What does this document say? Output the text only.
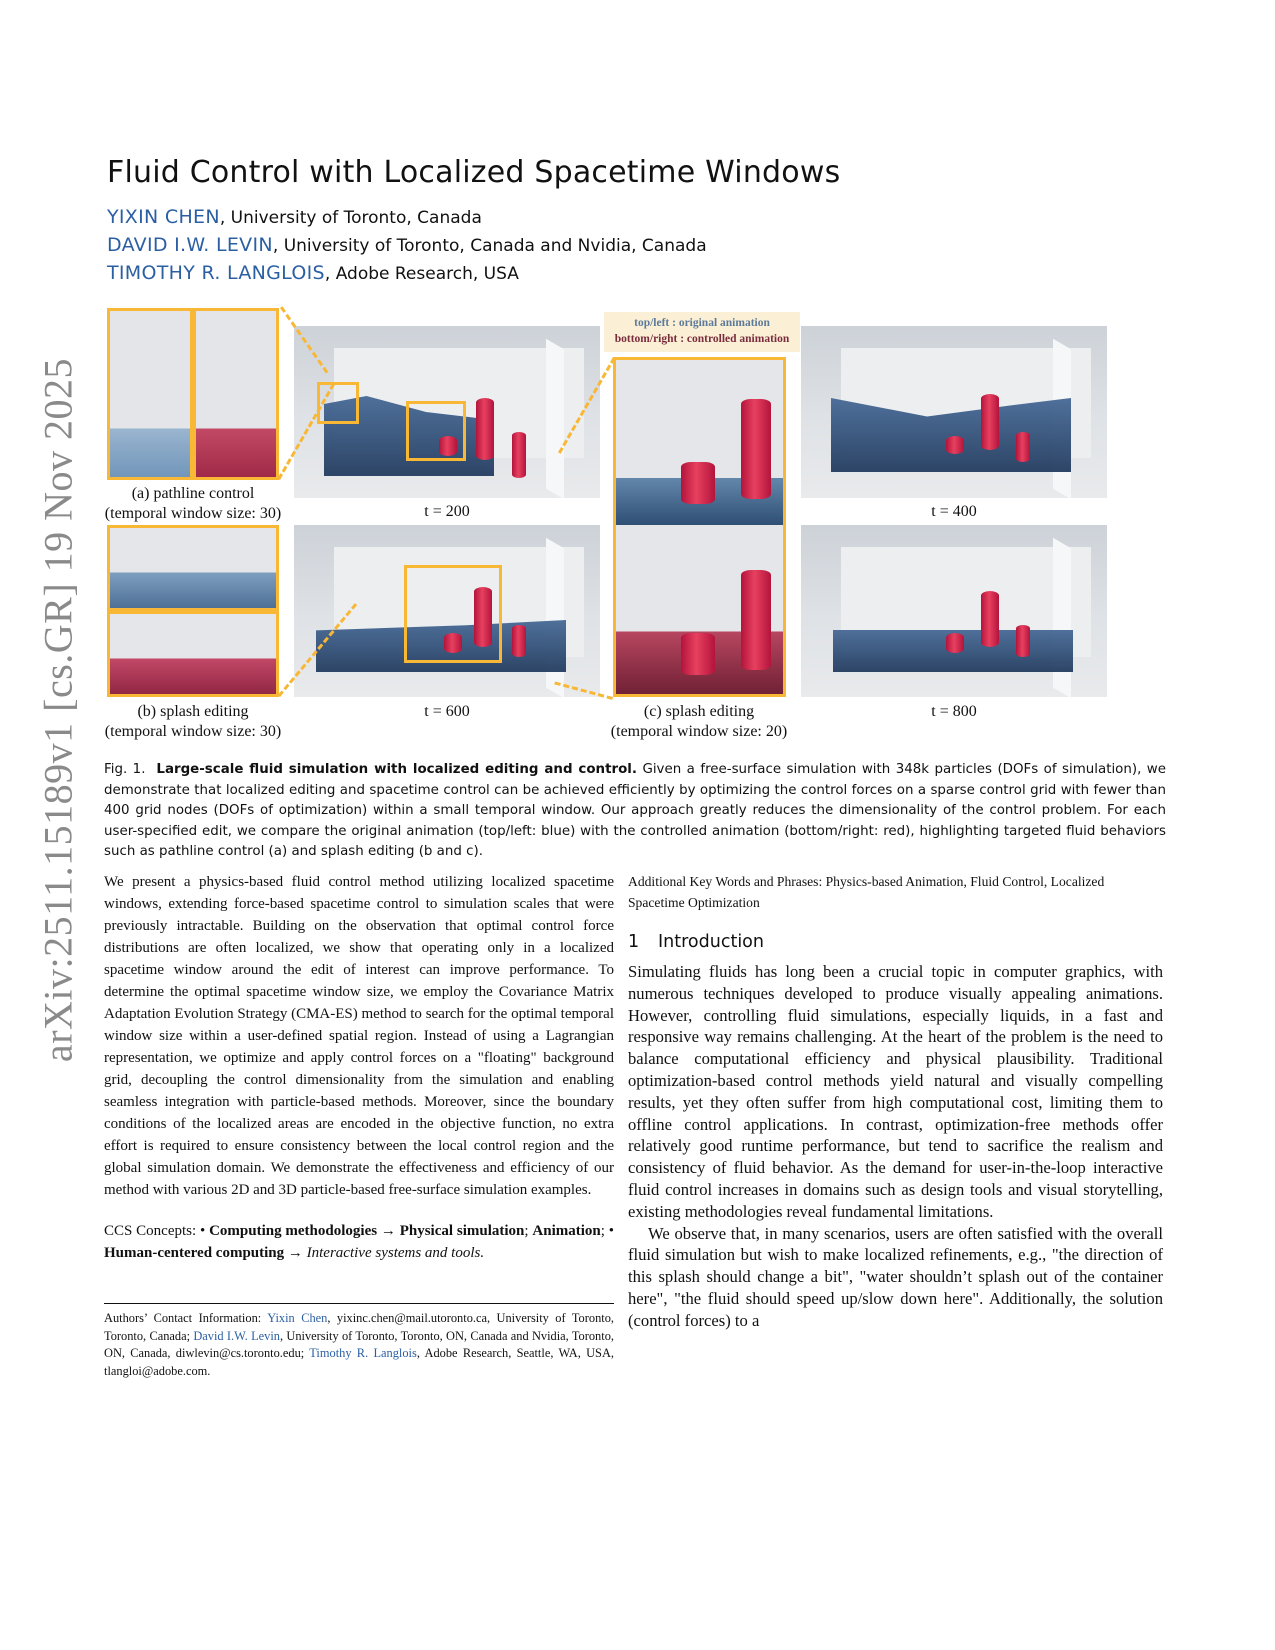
arXiv:2511.15189v1 [cs.GR] 19 Nov 2025
Fluid Control with Localized Spacetime Windows
YIXIN CHEN, University of Toronto, Canada
DAVID I.W. LEVIN, University of Toronto, Canada and Nvidia, Canada
TIMOTHY R. LANGLOIS, Adobe Research, USA
(a) pathline control
(temporal window size: 30)	t = 200
top/left : original animation
bottom/right : controlled animation
t = 400
(b) splash editing
(temporal window size: 30)
t = 600	(c) splash editing
(temporal window size: 20)
t = 800
Fig. 1. Large-scale fluid simulation with localized editing and control. Given a free-surface simulation with 348k particles (DOFs of simulation), we demonstrate that localized editing and spacetime control can be achieved efficiently by optimizing the control forces on a sparse control grid with fewer than 400 grid nodes (DOFs of optimization) within a small temporal window. Our approach greatly reduces the dimensionality of the control problem. For each user-specified edit, we compare the original animation (top/left: blue) with the controlled animation (bottom/right: red), highlighting targeted fluid behaviors such as pathline control (a) and splash editing (b and c).
We present a physics-based fluid control method utilizing localized spacetime windows, extending force-based spacetime control to simulation scales that were previously intractable. Building on the observation that optimal control force distributions are often localized, we show that operating only in a localized spacetime window around the edit of interest can improve performance. To determine the optimal spacetime window size, we employ the Covariance Matrix Adaptation Evolution Strategy (CMA-ES) method to search for the optimal temporal window size within a user-defined spatial region. Instead of using a Lagrangian representation, we optimize and apply control forces on a "floating" background grid, decoupling the control dimensionality from the simulation and enabling seamless integration with particle-based methods. Moreover, since the boundary conditions of the localized areas are encoded in the objective function, no extra effort is required to ensure consistency between the local control region and the global simulation domain. We demonstrate the effectiveness and efficiency of our method with various 2D and 3D particle-based free-surface simulation examples.
CCS Concepts: • Computing methodologies → Physical simulation; Animation; • Human-centered computing → Interactive systems and tools.
Authors’ Contact Information: Yixin Chen, yixinc.chen@mail.utoronto.ca, University of Toronto, Toronto, Canada; David I.W. Levin, University of Toronto, Toronto, ON, Canada and Nvidia, Toronto, ON, Canada, diwlevin@cs.toronto.edu; Timothy R. Langlois, Adobe Research, Seattle, WA, USA, tlangloi@adobe.com.
Additional Key Words and Phrases: Physics-based Animation, Fluid Control, Localized Spacetime Optimization
1 Introduction

Simulating fluids has long been a crucial topic in computer graphics, with numerous techniques developed to produce visually appealing animations. However, controlling fluid simulations, especially liquids, in a fast and responsive way remains challenging. At the heart of the problem is the need to balance computational efficiency and physical plausibility. Traditional optimization-based control methods yield natural and visually compelling results, yet they often suffer from high computational cost, limiting them to offline control applications. In contrast, optimization-free methods offer relatively good runtime performance, but tend to sacrifice the realism and consistency of fluid behavior. As the demand for user-in-the-loop interactive fluid control increases in domains such as design tools and visual storytelling, existing methodologies reveal fundamental limitations.

We observe that, in many scenarios, users are often satisfied with the overall fluid simulation but wish to make localized refinements, e.g., "the direction of this splash should change a bit", "water shouldn’t splash out of the container here", "the fluid should speed up/slow down here". Additionally, the solution (control forces) to a
